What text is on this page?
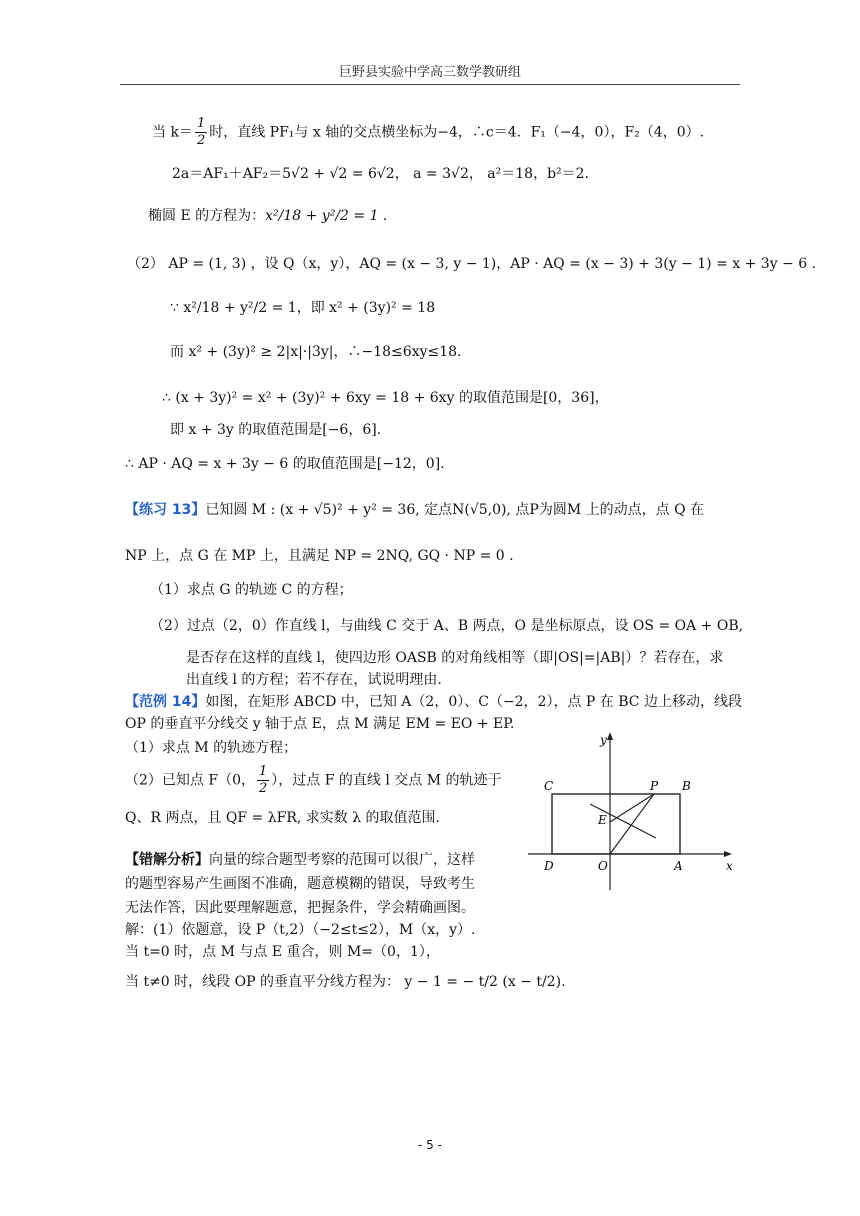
巨野县实验中学高三数学教研组
当 $k= \frac{1}{2}$ 时，直线 PF₁与 x 轴的交点横坐标为−4，∴c＝4．F₁（−4，0），F₂（4，0）.
2a＝AF₁＋AF₂＝5√2 + √2 = 6√2， a = 3√2， a²＝18，b²＝2.
椭圆 E 的方程为：x²/18 + y²/2 = 1 .
（2） AP = (1, 3) ，设 Q（x，y），AQ = (x − 3, y − 1)，AP · AQ = (x − 3) + 3(y − 1) = x + 3y − 6 .
∵ x²/18 + y²/2 = 1，即 x² + (3y)² = 18
而 x² + (3y)² ≥ 2|x|·|3y|，∴−18≤6xy≤18.
∴ (x + 3y)² = x² + (3y)² + 6xy = 18 + 6xy 的取值范围是[0，36]，
即 x + 3y 的取值范围是[−6，6].
∴ AP · AQ = x + 3y − 6 的取值范围是[−12，0].
【练习 13】已知圆 M : (x + √5)² + y² = 36, 定点N(√5,0), 点P为圆M 上的动点，点 Q 在
NP 上，点 G 在 MP 上，且满足 NP = 2NQ, GQ · NP = 0 .
（1）求点 G 的轨迹 C 的方程；
（2）过点（2，0）作直线 l，与曲线 C 交于 A、B 两点，O 是坐标原点，设 OS = OA + OB,
是否存在这样的直线 l，使四边形 OASB 的对角线相等（即|OS|=|AB|）？若存在，求
出直线 l 的方程；若不存在，试说明理由.
【范例 14】如图，在矩形 ABCD 中，已知 A（2，0）、C（−2，2），点 P 在 BC 边上移动，线段
OP 的垂直平分线交 y 轴于点 E，点 M 满足 EM = EO + EP.
（1）求点 M 的轨迹方程；
（2）已知点 F（0， $\frac{1}{2}$ ），过点 F 的直线 l 交点 M 的轨迹于
Q、R 两点，且 QF = λFR, 求实数 λ 的取值范围.
【错解分析】向量的综合题型考察的范围可以很广，这样
的题型容易产生画图不准确，题意模糊的错误，导致考生
无法作答，因此要理解题意，把握条件，学会精确画图。
解：(1）依题意，设 P（t,2）（−2≤t≤2），M（x，y）.
当 t=0 时，点 M 与点 E 重合，则 M=（0，1），
当 t≠0 时，线段 OP 的垂直平分线方程为： y − 1 = − t/2 (x − t/2).
y
x
C	P B
E
D	O	A
- 5 -
